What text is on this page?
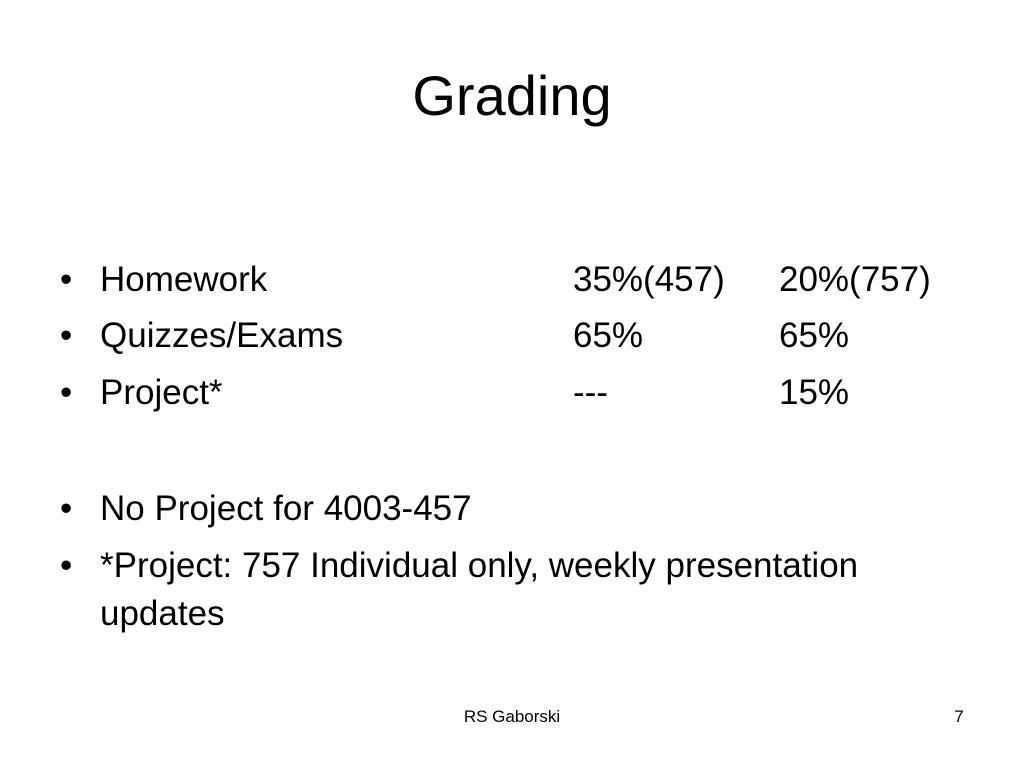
Grading
• Homework	35%(457) 20%(757)
• Quizzes/Exams	65%	65%
• Project*	---	15%
• No Project for 4003-457
• *Project: 757 Individual only, weekly presentation
updates
RS Gaborski	7
